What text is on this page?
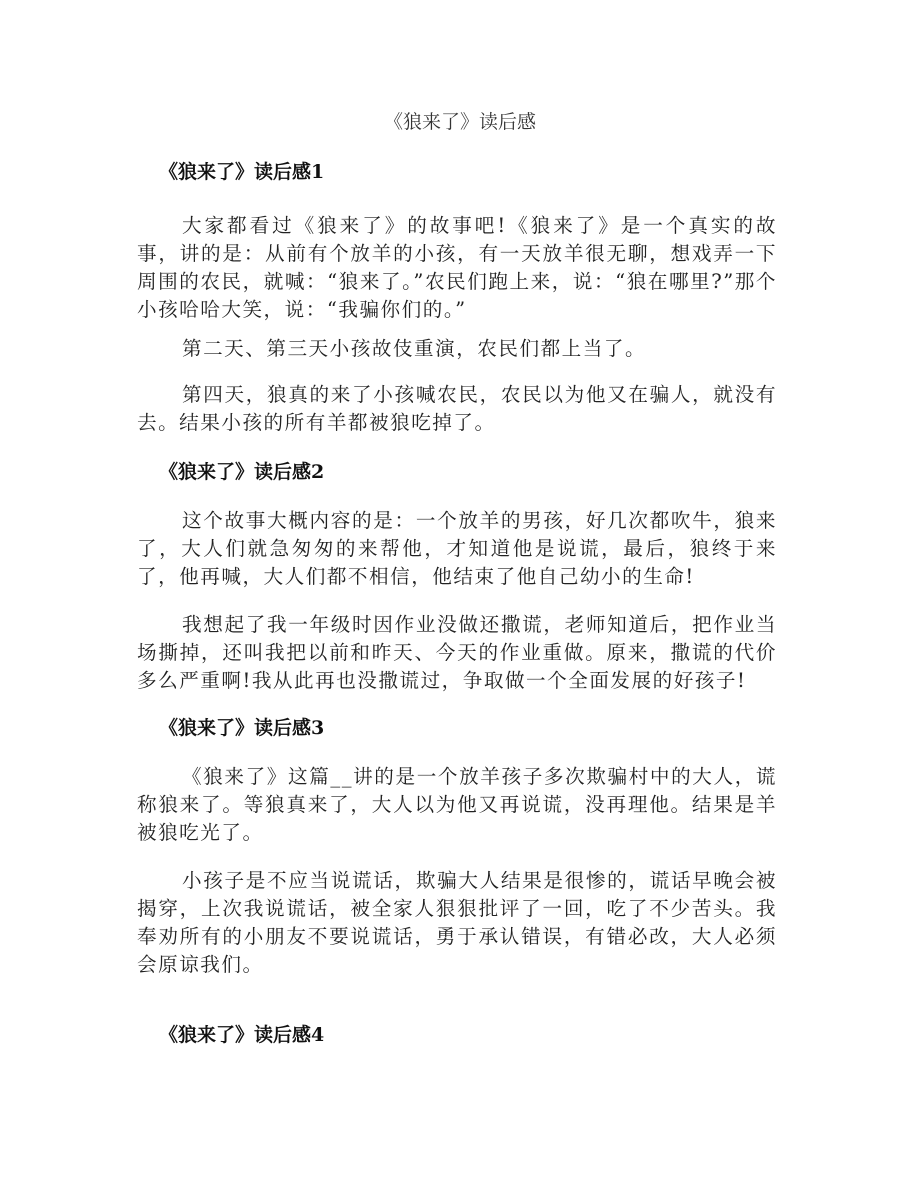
《狼来了》读后感
《狼来了》读后感1
大家都看过《狼来了》的故事吧!《狼来了》是一个真实的故事，讲的是：从前有个放羊的小孩，有一天放羊很无聊，想戏弄一下周围的农民，就喊：“狼来了。”农民们跑上来，说：“狼在哪里?”那个小孩哈哈大笑，说：“我骗你们的。”
第二天、第三天小孩故伎重演，农民们都上当了。
第四天，狼真的来了小孩喊农民，农民以为他又在骗人，就没有去。结果小孩的所有羊都被狼吃掉了。
《狼来了》读后感2
这个故事大概内容的是：一个放羊的男孩，好几次都吹牛，狼来了，大人们就急匆匆的来帮他，才知道他是说谎，最后，狼终于来了，他再喊，大人们都不相信，他结束了他自己幼小的生命!
我想起了我一年级时因作业没做还撒谎，老师知道后，把作业当场撕掉，还叫我把以前和昨天、今天的作业重做。原来，撒谎的代价多么严重啊!我从此再也没撒谎过，争取做一个全面发展的好孩子!
《狼来了》读后感3
《狼来了》这篇__讲的是一个放羊孩子多次欺骗村中的大人，谎称狼来了。等狼真来了，大人以为他又再说谎，没再理他。结果是羊被狼吃光了。
小孩子是不应当说谎话，欺骗大人结果是很惨的，谎话早晚会被揭穿，上次我说谎话，被全家人狠狠批评了一回，吃了不少苦头。我奉劝所有的小朋友不要说谎话，勇于承认错误，有错必改，大人必须会原谅我们。
《狼来了》读后感4
